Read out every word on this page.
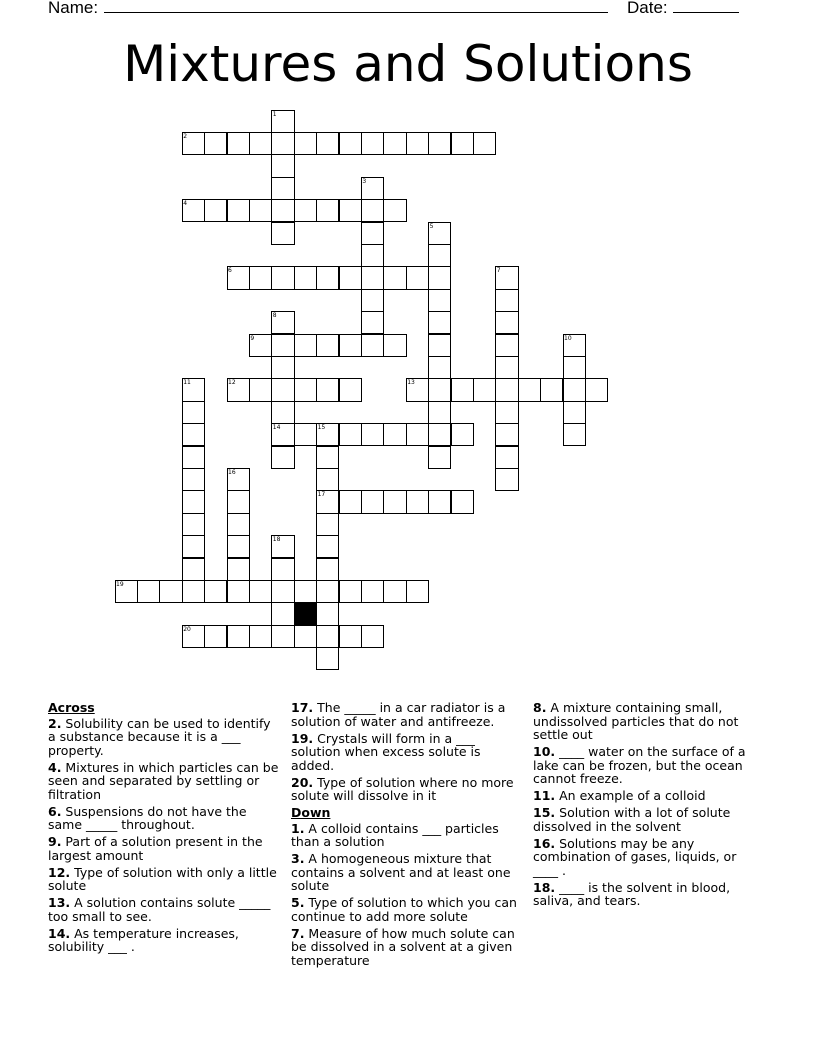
Name:	Date:
Mixtures and Solutions
1
2
3
4
5
6	7
8
9	10
11	12	13
14	15
16
17
18
19
20
Across
2. Solubility can be used to identify a substance because it is a ___ property.
4. Mixtures in which particles can be seen and separated by settling or filtration
6. Suspensions do not have the same _____ throughout.
9. Part of a solution present in the largest amount
12. Type of solution with only a little solute
13. A solution contains solute _____ too small to see.
14. As temperature increases, solubility ___ .
17. The _____ in a car radiator is a solution of water and antifreeze.
19. Crystals will form in a ___ solution when excess solute is added.
20. Type of solution where no more solute will dissolve in it
Down
1. A colloid contains ___ particles than a solution
3. A homogeneous mixture that contains a solvent and at least one solute
5. Type of solution to which you can continue to add more solute
7. Measure of how much solute can be dissolved in a solvent at a given temperature
8. A mixture containing small, undissolved particles that do not settle out
10. ____ water on the surface of a lake can be frozen, but the ocean cannot freeze.
11. An example of a colloid
15. Solution with a lot of solute dissolved in the solvent
16. Solutions may be any combination of gases, liquids, or ____ .
18. ____ is the solvent in blood, saliva, and tears.
